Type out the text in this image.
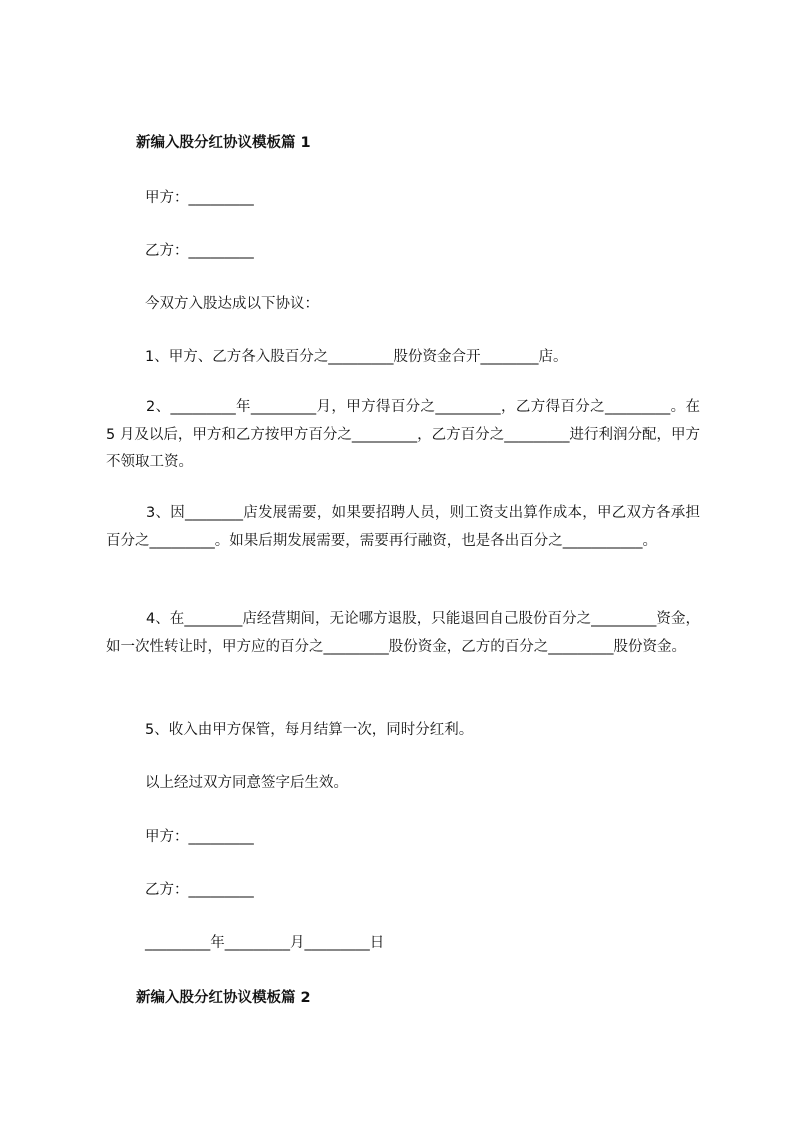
新编入股分红协议模板篇 1
甲方：_________
乙方：_________
今双方入股达成以下协议：
1、甲方、乙方各入股百分之_________股份资金合开________店。
2、_________年_________月，甲方得百分之_________，乙方得百分之_________。在 5 月及以后，甲方和乙方按甲方百分之_________，乙方百分之_________进行利润分配，甲方不领取工资。
3、因________店发展需要，如果要招聘人员，则工资支出算作成本，甲乙双方各承担百分之_________。如果后期发展需要，需要再行融资，也是各出百分之___________。
4、在________店经营期间，无论哪方退股，只能退回自己股份百分之_________资金，如一次性转让时，甲方应的百分之_________股份资金，乙方的百分之_________股份资金。
5、收入由甲方保管，每月结算一次，同时分红利。
以上经过双方同意签字后生效。
甲方：_________
乙方：_________
_________年_________月_________日
新编入股分红协议模板篇 2
